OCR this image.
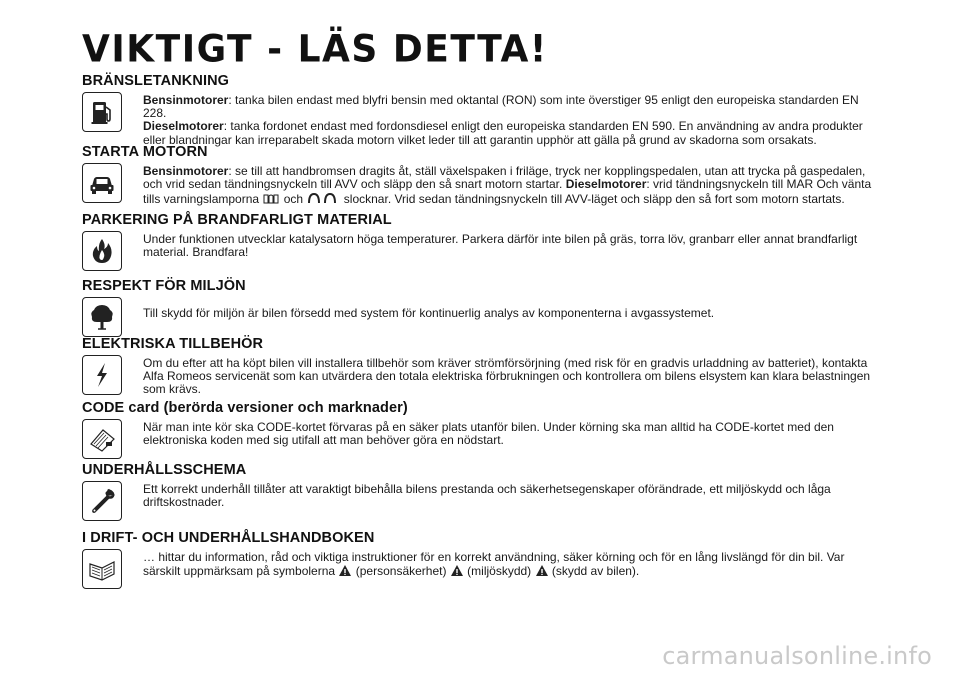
VIKTIGT - LÄS DETTA!
BRÄNSLETANKNING
Bensinmotorer: tanka bilen endast med blyfri bensin med oktantal (RON) som inte överstiger 95 enligt den europeiska standarden EN 228.
Dieselmotorer: tanka fordonet endast med fordonsdiesel enligt den europeiska standarden EN 590. En användning av andra produkter eller blandningar kan irreparabelt skada motorn vilket leder till att garantin upphör att gälla på grund av skadorna som orsakats.
STARTA MOTORN
Bensinmotorer: se till att handbromsen dragits åt, ställ växelspaken i friläge, tryck ner kopplingspedalen, utan att trycka på gaspedalen, och vrid sedan tändningsnyckeln till AVV och släpp den så snart motorn startar. Dieselmotorer: vrid tändningsnyckeln till MAR Och vänta tills varningslamporna och	slocknar. Vrid sedan tändningsnyckeln till AVV-läget och släpp den så fort som motorn startats.
PARKERING PÅ BRANDFARLIGT MATERIAL
Under funktionen utvecklar katalysatorn höga temperaturer. Parkera därför inte bilen på gräs, torra löv, granbarr eller annat brandfarligt material. Brandfara!
RESPEKT FÖR MILJÖN
Till skydd för miljön är bilen försedd med system för kontinuerlig analys av komponenterna i avgassystemet.
ELEKTRISKA TILLBEHÖR
Om du efter att ha köpt bilen vill installera tillbehör som kräver strömförsörjning (med risk för en gradvis urladdning av batteriet), kontakta Alfa Romeos servicenät som kan utvärdera den totala elektriska förbrukningen och kontrollera om bilens elsystem kan klara belastningen som krävs.
CODE card (berörda versioner och marknader)
När man inte kör ska CODE-kortet förvaras på en säker plats utanför bilen. Under körning ska man alltid ha CODE-kortet med den elektroniska koden med sig utifall att man behöver göra en nödstart.
UNDERHÅLLSSCHEMA
Ett korrekt underhåll tillåter att varaktigt bibehålla bilens prestanda och säkerhetsegenskaper oförändrade, ett miljöskydd och låga driftskostnader.
I DRIFT- OCH UNDERHÅLLSHANDBOKEN
… hittar du information, råd och viktiga instruktioner för en korrekt användning, säker körning och för en lång livslängd för din bil. Var särskilt uppmärksam på symbolerna (personsäkerhet) (miljöskydd) (skydd av bilen).
carmanualsonline.info
